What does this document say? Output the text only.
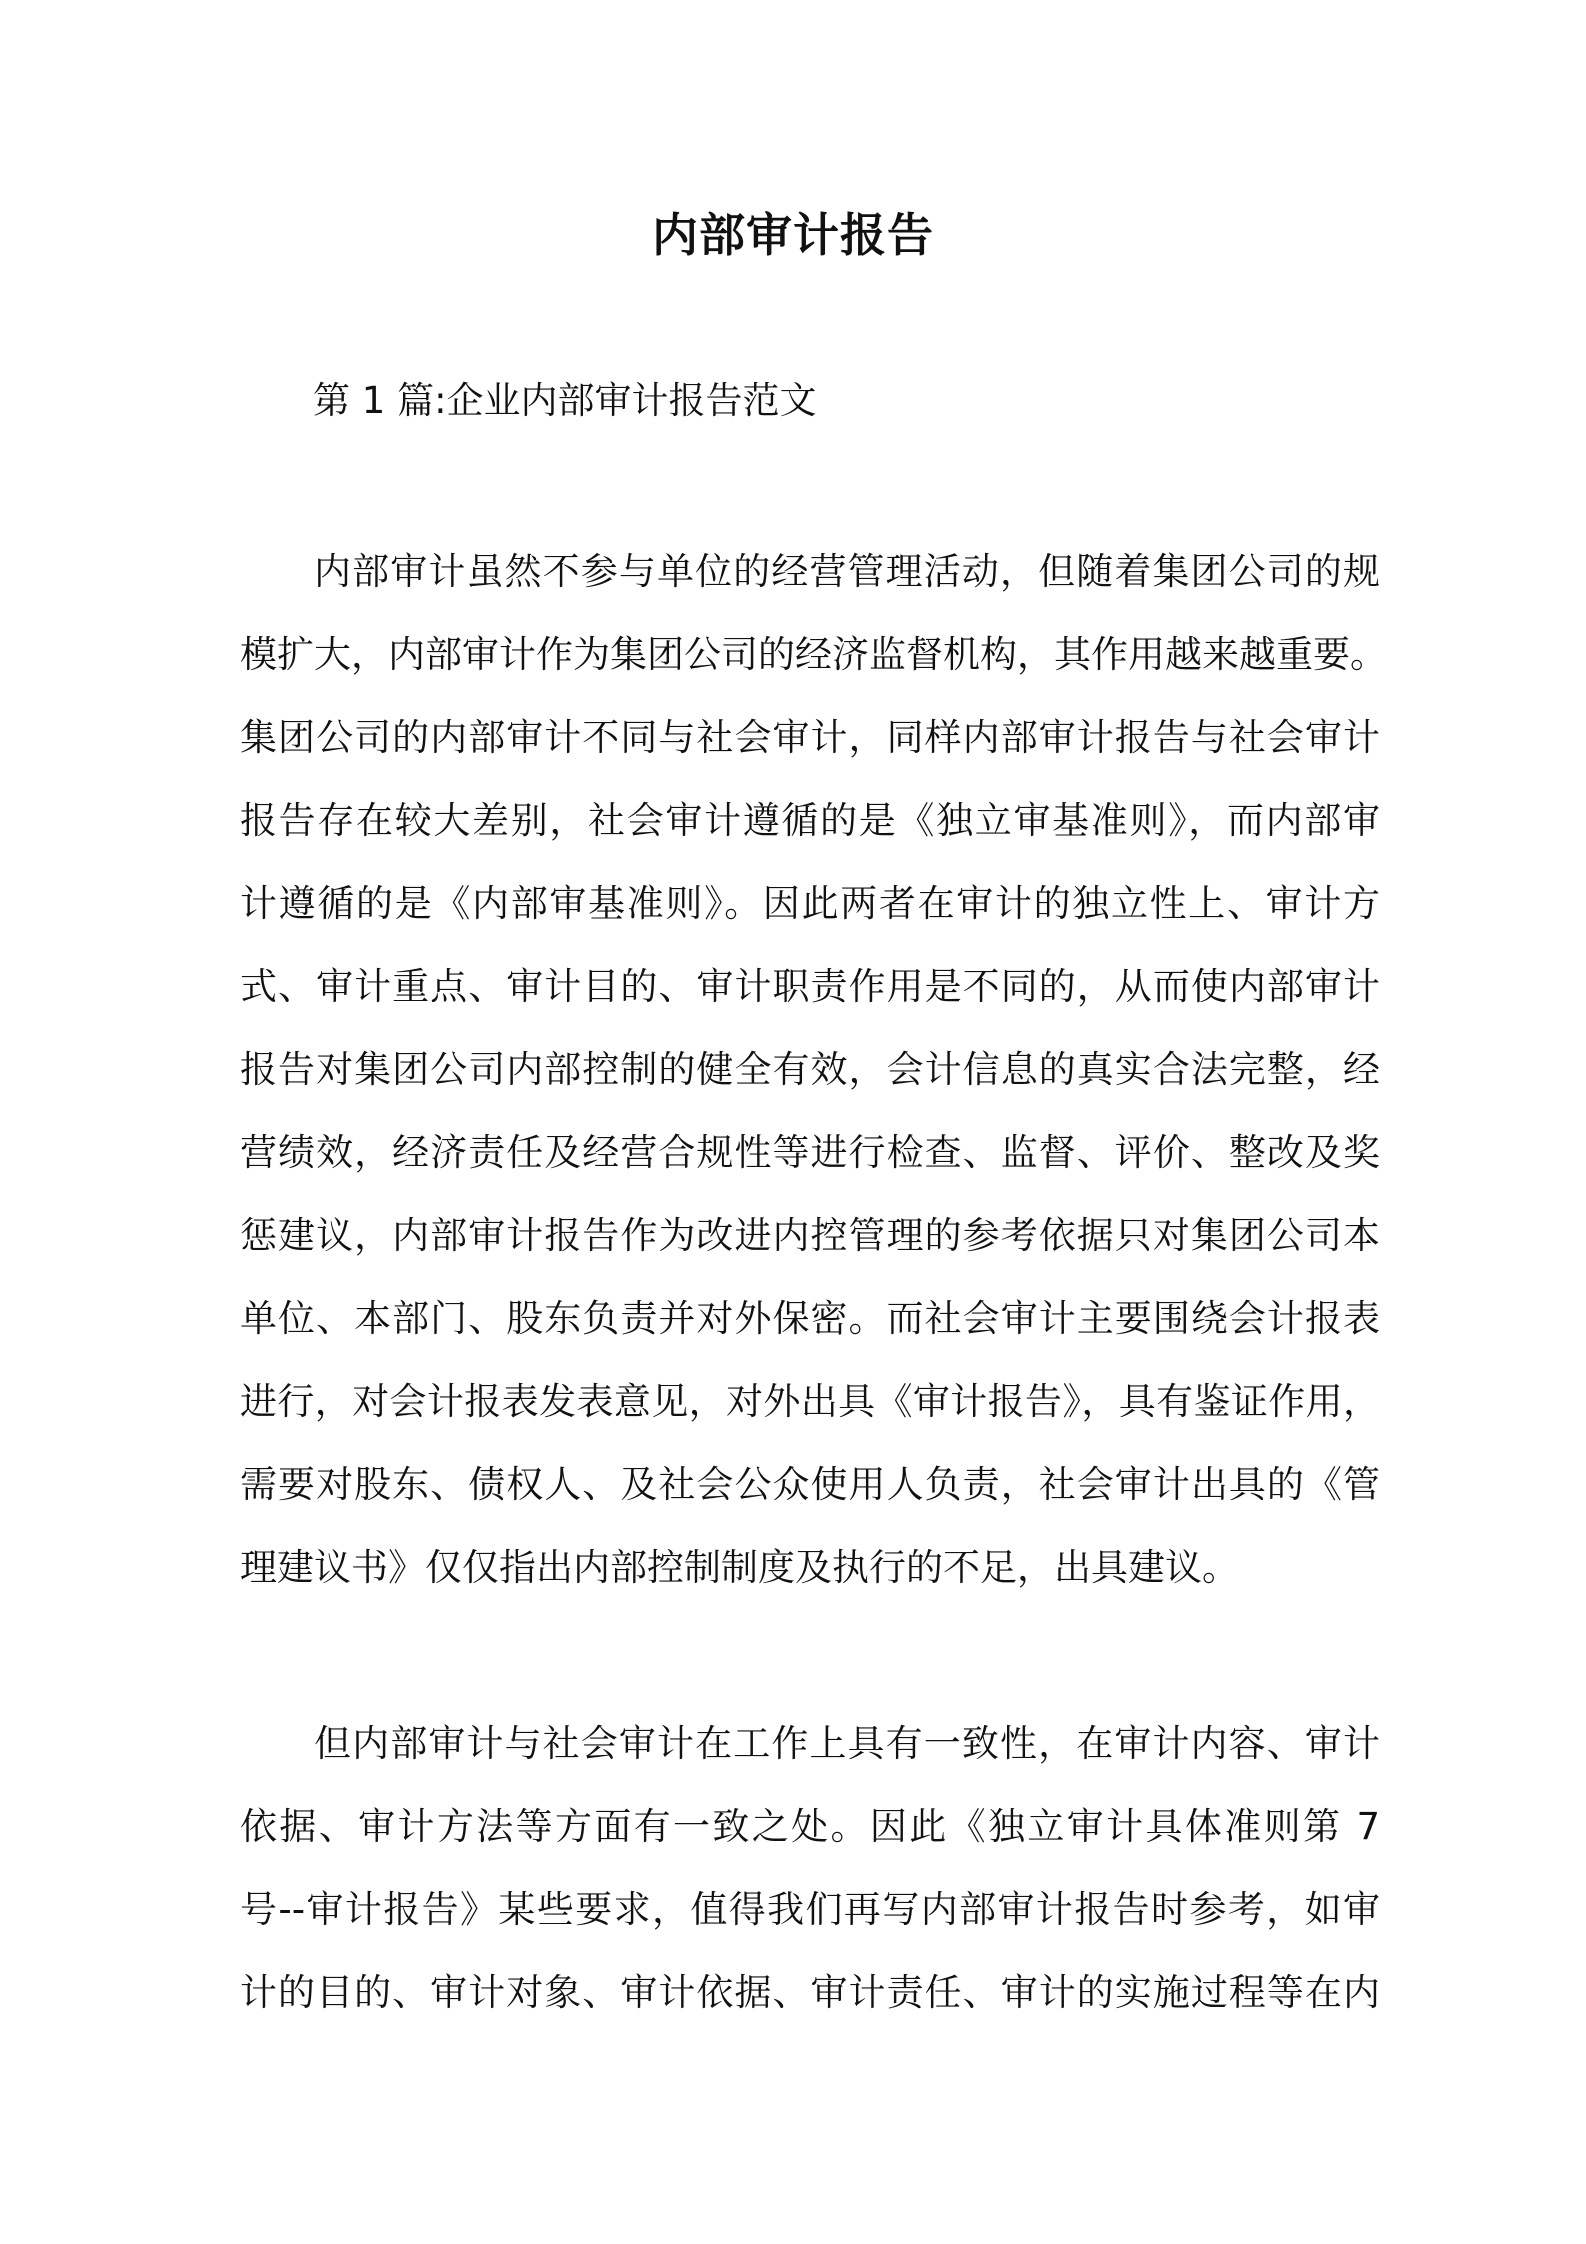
内部审计报告

第 1 篇:企业内部审计报告范文

内部审计虽然不参与单位的经营管理活动，但随着集团公司的规
模扩大，内部审计作为集团公司的经济监督机构，其作用越来越重要。
集团公司的内部审计不同与社会审计，同样内部审计报告与社会审计
报告存在较大差别，社会审计遵循的是《独立审基准则》，而内部审
计遵循的是《内部审基准则》。因此两者在审计的独立性上、审计方
式、审计重点、审计目的、审计职责作用是不同的，从而使内部审计
报告对集团公司内部控制的健全有效，会计信息的真实合法完整，经
营绩效，经济责任及经营合规性等进行检查、监督、评价、整改及奖
惩建议，内部审计报告作为改进内控管理的参考依据只对集团公司本
单位、本部门、股东负责并对外保密。而社会审计主要围绕会计报表
进行，对会计报表发表意见，对外出具《审计报告》，具有鉴证作用，
需要对股东、债权人、及社会公众使用人负责，社会审计出具的《管
理建议书》仅仅指出内部控制制度及执行的不足，出具建议。
但内部审计与社会审计在工作上具有一致性，在审计内容、审计
依据、审计方法等方面有一致之处。因此《独立审计具体准则第 7
号--审计报告》某些要求，值得我们再写内部审计报告时参考，如审
计的目的、审计对象、审计依据、审计责任、审计的实施过程等在内
